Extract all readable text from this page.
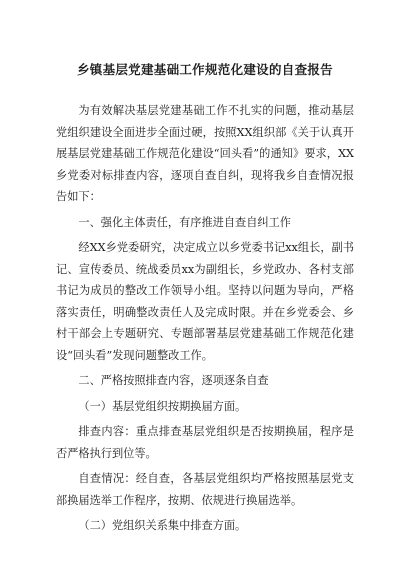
乡镇基层党建基础工作规范化建设的自查报告

为有效解决基层党建基础工作不扎实的问题，推动基层党组织建设全面进步全面过硬，按照XX组织部《关于认真开展基层党建基础工作规范化建设“回头看”的通知》要求，XX乡党委对标排查内容，逐项自查自纠，现将我乡自查情况报告如下：

一、强化主体责任，有序推进自查自纠工作

经XX乡党委研究，决定成立以乡党委书记xx组长，副书记、宣传委员、统战委员xx为副组长，乡党政办、各村支部书记为成员的整改工作领导小组。坚持以问题为导向，严格落实责任，明确整改责任人及完成时限。并在乡党委会、乡村干部会上专题研究、专题部署基层党建基础工作规范化建设“回头看”发现问题整改工作。

二、严格按照排查内容，逐项逐条自查

（一）基层党组织按期换届方面。

排查内容：重点排查基层党组织是否按期换届，程序是否严格执行到位等。

自查情况：经自查，各基层党组织均严格按照基层党支部换届选举工作程序，按期、依规进行换届选举。

（二）党组织关系集中排查方面。
